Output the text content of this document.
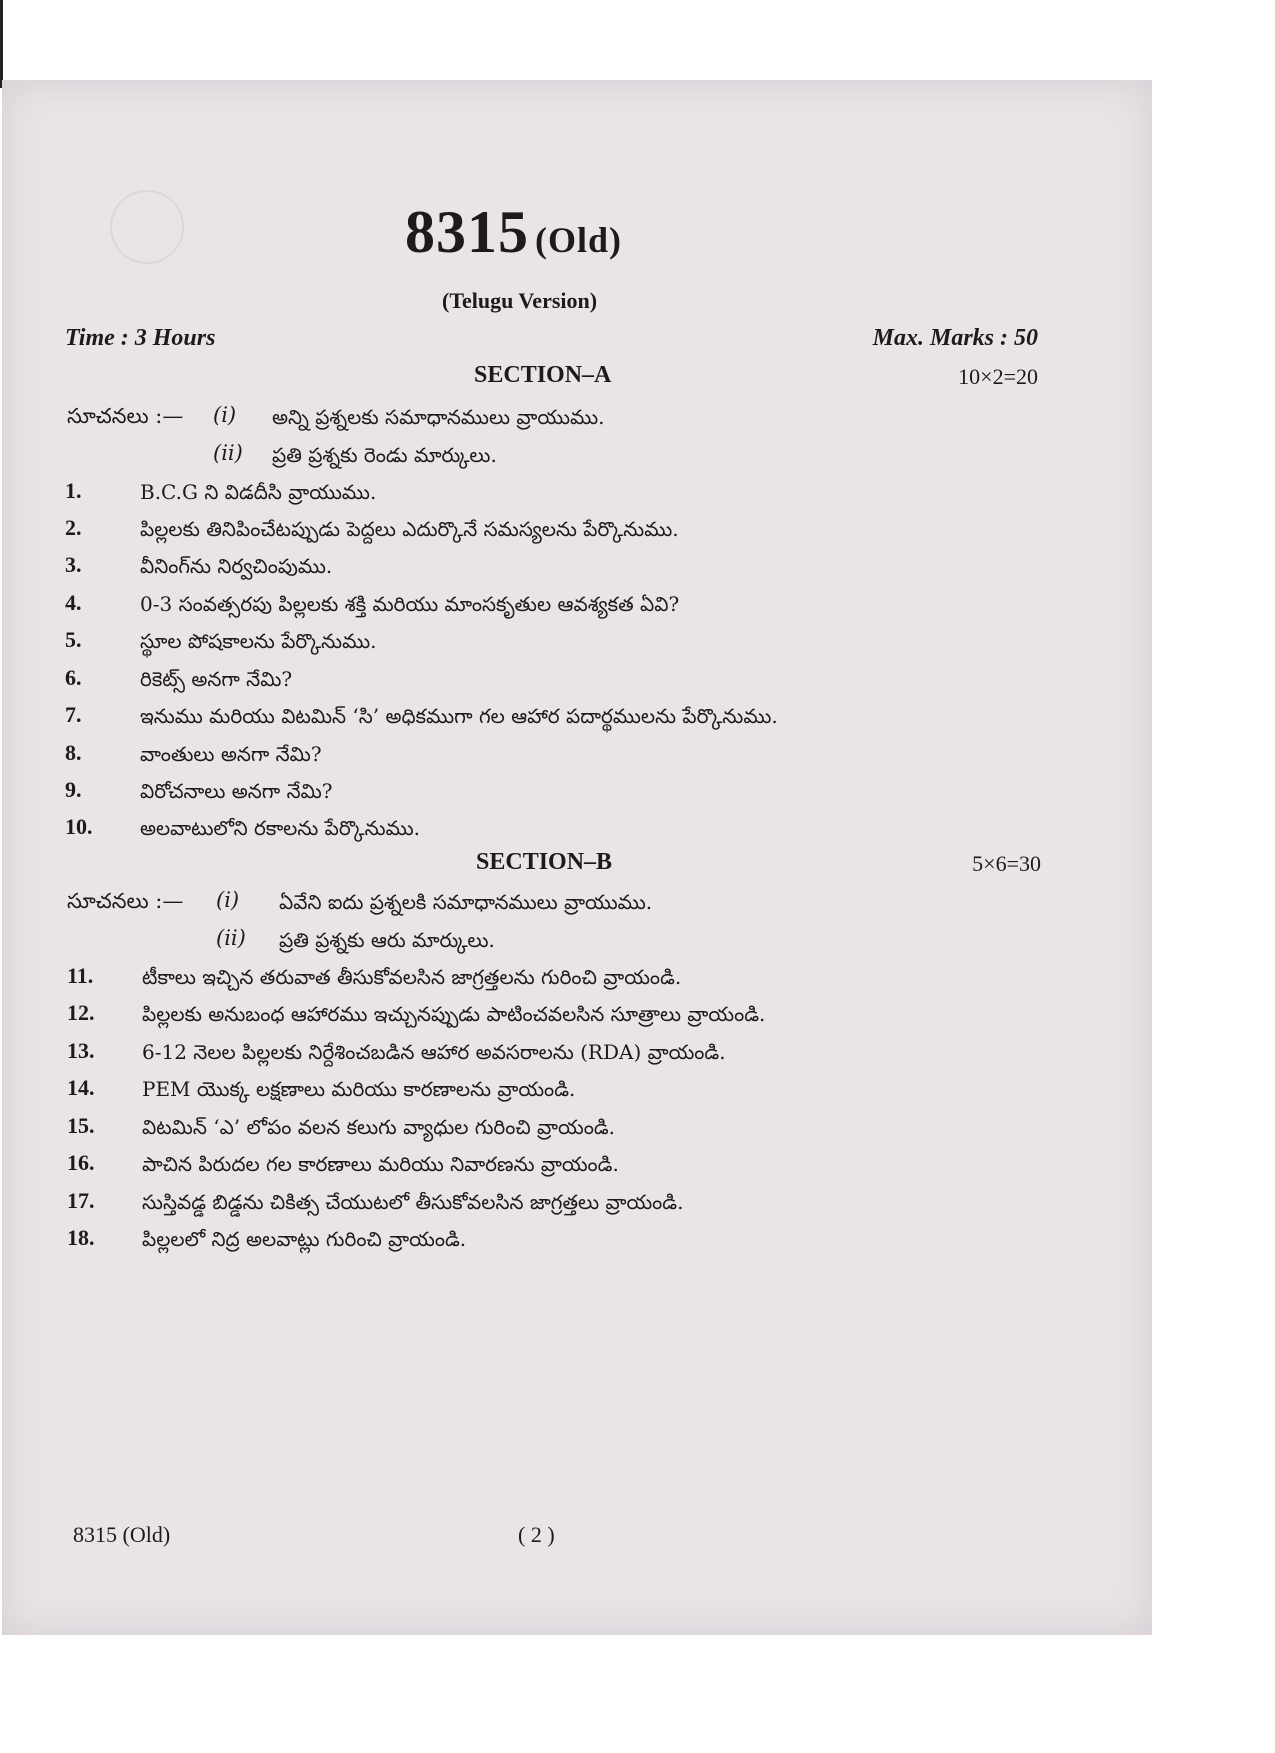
8315 (Old)
(Telugu Version)
Time : 3 Hours	Max. Marks : 50
SECTION–A	10×2=20
సూచనలు :— (i) అన్ని ప్రశ్నలకు సమాధానములు వ్రాయుము.
(ii) ప్రతి ప్రశ్నకు రెండు మార్కులు.
1.	B.C.G ని విడదీసి వ్రాయుము.
2.	పిల్లలకు తినిపించేటప్పుడు పెద్దలు ఎదుర్కొనే సమస్యలను పేర్కొనుము.
3.	వీనింగ్‌ను నిర్వచింపుము.
4.	0-3 సంవత్సరపు పిల్లలకు శక్తి మరియు మాంసకృతుల ఆవశ్యకత ఏవి?
5.	స్థూల పోషకాలను పేర్కొనుము.
6.	రికెట్స్ అనగా నేమి?
7.	ఇనుము మరియు విటమిన్ ‘సి’ అధికముగా గల ఆహార పదార్థములను పేర్కొనుము.
8.	వాంతులు అనగా నేమి?
9.	విరోచనాలు అనగా నేమి?
10. అలవాటులోని రకాలను పేర్కొనుము.
SECTION–B	5×6=30
సూచనలు :— (i) ఏవేని ఐదు ప్రశ్నలకి సమాధానములు వ్రాయుము.
(ii) ప్రతి ప్రశ్నకు ఆరు మార్కులు.
11. టీకాలు ఇచ్చిన తరువాత తీసుకోవలసిన జాగ్రత్తలను గురించి వ్రాయండి.
12. పిల్లలకు అనుబంధ ఆహారము ఇచ్చునప్పుడు పాటించవలసిన సూత్రాలు వ్రాయండి.
13. 6-12 నెలల పిల్లలకు నిర్దేశించబడిన ఆహార అవసరాలను (RDA) వ్రాయండి.
14. PEM యొక్క లక్షణాలు మరియు కారణాలను వ్రాయండి.
15. విటమిన్ ‘ఎ’ లోపం వలన కలుగు వ్యాధుల గురించి వ్రాయండి.
16. పాచిన పిరుదల గల కారణాలు మరియు నివారణను వ్రాయండి.
17. సుస్తివడ్డ బిడ్డను చికిత్స చేయుటలో తీసుకోవలసిన జాగ్రత్తలు వ్రాయండి.
18. పిల్లలలో నిద్ర అలవాట్లు గురించి వ్రాయండి.
8315 (Old)	( 2 )
